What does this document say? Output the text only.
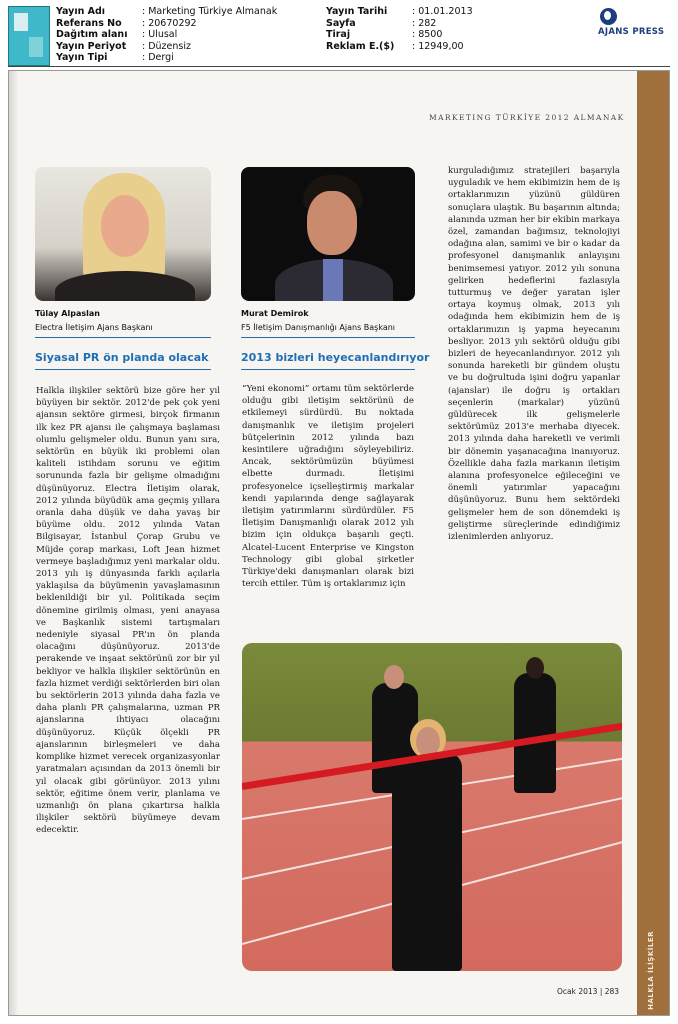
Yayın Adı	: Marketing Türkiye Almanak
Referans No : 20670292
Dağıtım alanı : Ulusal
Yayın Periyot : Düzensiz
Yayın Tipi	: Dergi
Yayın Tarihi	: 01.01.2013
Sayfa	: 282
Tiraj	: 8500
Reklam E.($) : 12949,00
AJANS PRESS
HALKLA İLİŞKİLER
MARKETING TÜRKİYE 2012 ALMANAK
Tülay Alpaslan
Electra İletişim Ajans Başkanı
Siyasal PR ön planda olacak
Halkla ilişkiler sektörü bize göre her yıl büyüyen bir sektör. 2012'de pek çok yeni ajansın sektöre girmesi, birçok firmanın ilk kez PR ajansı ile çalışmaya başlaması olumlu gelişmeler oldu. Bunun yanı sıra, sektörün en büyük iki problemi olan kaliteli istihdam sorunu ve eğitim sorununda fazla bir gelişme olmadığını düşünüyoruz. Electra İletişim olarak, 2012 yılında büyüdük ama geçmiş yıllara oranla daha düşük ve daha yavaş bir büyüme oldu. 2012 yılında Vatan Bilgisayar, İstanbul Çorap Grubu ve Müjde çorap markası, Loft Jean hizmet vermeye başladığımız yeni markalar oldu. 2013 yılı iş dünyasında farklı açılarla yaklaşılsa da büyümenin yavaşlamasının beklenildiği bir yıl. Politikada seçim dönemine girilmiş olması, yeni anayasa ve Başkanlık sistemi tartışmaları nedeniyle siyasal PR'ın ön planda olacağını düşünüyoruz. 2013'de perakende ve inşaat sektörünü zor bir yıl bekliyor ve halkla ilişkiler sektörünün en fazla hizmet verdiği sektörlerden biri olan bu sektörlerin 2013 yılında daha fazla ve daha planlı PR çalışmalarına, uzman PR ajanslarına ihtiyacı olacağını düşünüyoruz. Küçük ölçekli PR ajanslarının birleşmeleri ve daha komplike hizmet verecek organizasyonlar yaratmaları açısından da 2013 önemli bir yıl olacak gibi görünüyor. 2013 yılını sektör, eğitime önem verir, planlama ve uzmanlığı ön plana çıkartırsa halkla ilişkiler sektörü büyümeye devam edecektir.
Murat Demirok
F5 İletişim Danışmanlığı Ajans Başkanı
2013 bizleri heyecanlandırıyor
“Yeni ekonomi” ortamı tüm sektörlerde olduğu gibi iletişim sektörünü de etkilemeyi sürdürdü. Bu noktada danışmanlık ve iletişim projeleri bütçelerinin 2012 yılında bazı kesintilere uğradığını söyleyebiliriz. Ancak, sektörümüzün büyümesi elbette durmadı. İletişimi profesyonelce içselleştirmiş markalar kendi yapılarında denge sağlayarak iletişim yatırımlarını sürdürdüler. F5 İletişim Danışmanlığı olarak 2012 yılı bizim için oldukça başarılı geçti. Alcatel-Lucent Enterprise ve Kingston Technology gibi global şirketler Türkiye'deki danışmanları olarak bizi tercih ettiler. Tüm iş ortaklarımız için
kurguladığımız stratejileri başarıyla uyguladık ve hem ekibimizin hem de iş ortaklarımızın yüzünü güldüren sonuçlara ulaştık. Bu başarının altında; alanında uzman her bir ekibin markaya özel, zamandan bağımsız, teknolojiyi odağına alan, samimi ve bir o kadar da profesyonel danışmanlık anlayışını benimsemesi yatıyor. 2012 yılı sonuna gelirken hedeflerini fazlasıyla tutturmuş ve değer yaratan işler ortaya koymuş olmak, 2013 yılı odağında hem ekibimizin hem de iş ortaklarımızın iş yapma heyecanını besliyor. 2013 yılı sektörü olduğu gibi bizleri de heyecanlandırıyor. 2012 yılı sonunda hareketli bir gündem oluştu ve bu doğrultuda işini doğru yapanlar (ajanslar) ile doğru iş ortakları seçenlerin (markalar) yüzünü güldürecek ilk gelişmelerle sektörümüz 2013'e merhaba diyecek. 2013 yılında daha hareketli ve verimli bir dönemin yaşanacağına inanıyoruz. Özellikle daha fazla markanın iletişim alanına profesyonelce eğileceğini ve önemli yatırımlar yapacağını düşünüyoruz. Bunu hem sektördeki gelişmeler hem de son dönemdeki iş geliştirme süreçlerinde edindiğimiz izlenimlerden anlıyoruz.
Ocak 2013 | 283
